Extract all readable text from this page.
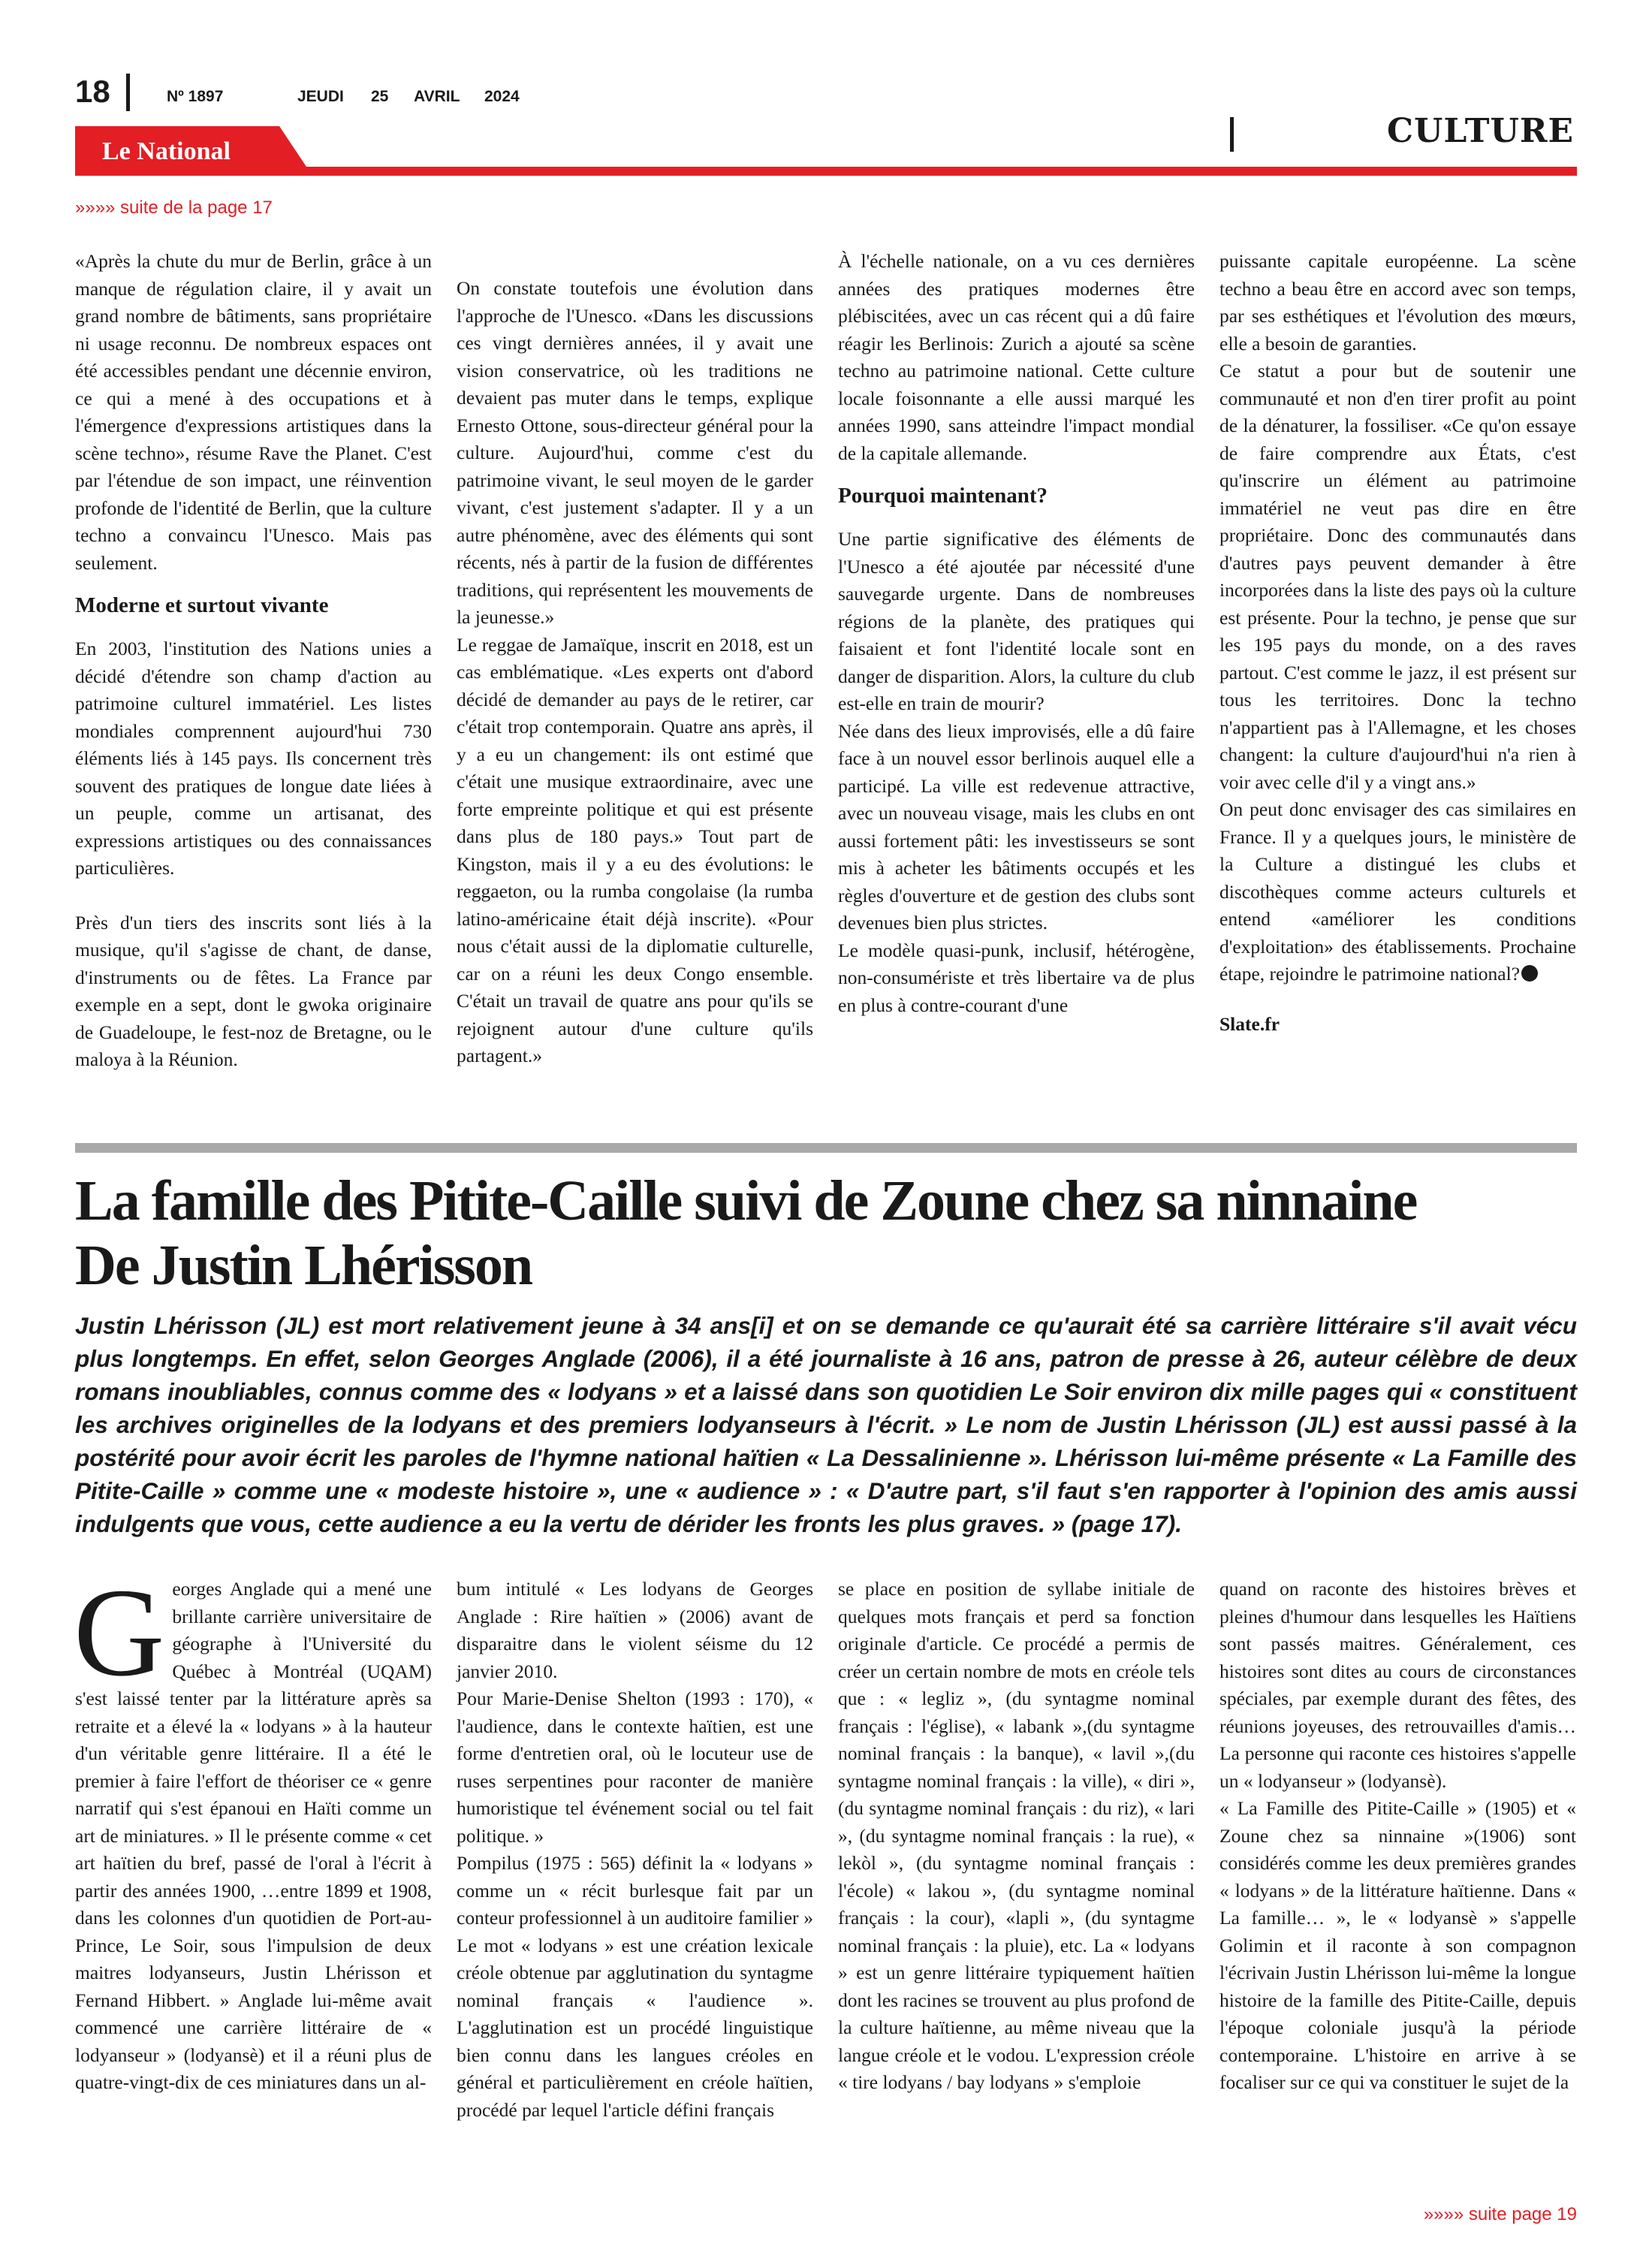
18	Nº 1897	JEUDI 25 AVRIL 2024
CULTURE
Le National
»»»» suite de la page 17

«Après la chute du mur de Berlin, grâce à un manque de régulation claire, il y avait un grand nombre de bâtiments, sans propriétaire ni usage reconnu. De nombreux espaces ont été accessibles pendant une décennie environ, ce qui a mené à des occupations et à l'émergence d'expressions artistiques dans la scène techno», résume Rave the Planet. C'est par l'étendue de son impact, une réinvention profonde de l'identité de Berlin, que la culture techno a convaincu l'Unesco. Mais pas seulement.

Moderne et surtout vivante

En 2003, l'institution des Nations unies a décidé d'étendre son champ d'action au patrimoine culturel immatériel. Les listes mondiales comprennent aujourd'hui 730 éléments liés à 145 pays. Ils concernent très souvent des pratiques de longue date liées à un peuple, comme un artisanat, des expressions artistiques ou des connaissances particulières.

Près d'un tiers des inscrits sont liés à la musique, qu'il s'agisse de chant, de danse, d'instruments ou de fêtes. La France par exemple en a sept, dont le gwoka originaire de Guadeloupe, le fest-noz de Bretagne, ou le maloya à la Réunion.

On constate toutefois une évolution dans l'approche de l'Unesco. «Dans les discussions ces vingt dernières années, il y avait une vision conservatrice, où les traditions ne devaient pas muter dans le temps, explique Ernesto Ottone, sous-directeur général pour la culture. Aujourd'hui, comme c'est du patrimoine vivant, le seul moyen de le garder vivant, c'est justement s'adapter. Il y a un autre phénomène, avec des éléments qui sont récents, nés à partir de la fusion de différentes traditions, qui représentent les mouvements de la jeunesse.»

Le reggae de Jamaïque, inscrit en 2018, est un cas emblématique. «Les experts ont d'abord décidé de demander au pays de le retirer, car c'était trop contemporain. Quatre ans après, il y a eu un changement: ils ont estimé que c'était une musique extraordinaire, avec une forte empreinte politique et qui est présente dans plus de 180 pays.» Tout part de Kingston, mais il y a eu des évolutions: le reggaeton, ou la rumba congolaise (la rumba latino-américaine était déjà inscrite). «Pour nous c'était aussi de la diplomatie culturelle, car on a réuni les deux Congo ensemble. C'était un travail de quatre ans pour qu'ils se rejoignent autour d'une culture qu'ils partagent.»

À l'échelle nationale, on a vu ces dernières années des pratiques modernes être plébiscitées, avec un cas récent qui a dû faire réagir les Berlinois: Zurich a ajouté sa scène techno au patrimoine national. Cette culture locale foisonnante a elle aussi marqué les années 1990, sans atteindre l'impact mondial de la capitale allemande.

Pourquoi maintenant?

Une partie significative des éléments de l'Unesco a été ajoutée par nécessité d'une sauvegarde urgente. Dans de nombreuses régions de la planète, des pratiques qui faisaient et font l'identité locale sont en danger de disparition. Alors, la culture du club est-elle en train de mourir?

Née dans des lieux improvisés, elle a dû faire face à un nouvel essor berlinois auquel elle a participé. La ville est redevenue attractive, avec un nouveau visage, mais les clubs en ont aussi fortement pâti: les investisseurs se sont mis à acheter les bâtiments occupés et les règles d'ouverture et de gestion des clubs sont devenues bien plus strictes.

Le modèle quasi-punk, inclusif, hétérogène, non-consumériste et très libertaire va de plus en plus à contre-courant d'une

puissante capitale européenne. La scène techno a beau être en accord avec son temps, par ses esthétiques et l'évolution des mœurs, elle a besoin de garanties.

Ce statut a pour but de soutenir une communauté et non d'en tirer profit au point de la dénaturer, la fossiliser. «Ce qu'on essaye de faire comprendre aux États, c'est qu'inscrire un élément au patrimoine immatériel ne veut pas dire en être propriétaire. Donc des communautés dans d'autres pays peuvent demander à être incorporées dans la liste des pays où la culture est présente. Pour la techno, je pense que sur les 195 pays du monde, on a des raves partout. C'est comme le jazz, il est présent sur tous les territoires. Donc la techno n'appartient pas à l'Allemagne, et les choses changent: la culture d'aujourd'hui n'a rien à voir avec celle d'il y a vingt ans.»

On peut donc envisager des cas similaires en France. Il y a quelques jours, le ministère de la Culture a distingué les clubs et discothèques comme acteurs culturels et entend «améliorer les conditions d'exploitation» des établissements. Prochaine étape, rejoindre le patrimoine national?

Slate.fr

La famille des Pitite-Caille suivi de Zoune chez sa ninnaine
De Justin Lhérisson
Justin Lhérisson (JL) est mort relativement jeune à 34 ans[i] et on se demande ce qu'aurait été sa carrière littéraire s'il avait vécu plus longtemps. En effet, selon Georges Anglade (2006), il a été journaliste à 16 ans, patron de presse à 26, auteur célèbre de deux romans inoubliables, connus comme des « lodyans » et a laissé dans son quotidien Le Soir environ dix mille pages qui « constituent les archives originelles de la lodyans et des premiers lodyanseurs à l'écrit. » Le nom de Justin Lhérisson (JL) est aussi passé à la postérité pour avoir écrit les paroles de l'hymne national haïtien « La Dessalinienne ». Lhérisson lui-même présente « La Famille des Pitite-Caille » comme une « modeste histoire », une « audience » : « D'autre part, s'il faut s'en rapporter à l'opinion des amis aussi indulgents que vous, cette audience a eu la vertu de dérider les fronts les plus graves. » (page 17).

Georges Anglade qui a mené une brillante carrière universitaire de géographe à l'Université du Québec à Montréal (UQAM) s'est laissé tenter par la littérature après sa retraite et a élevé la « lodyans » à la hauteur d'un véritable genre littéraire. Il a été le premier à faire l'effort de théoriser ce « genre narratif qui s'est épanoui en Haïti comme un art de miniatures. » Il le présente comme « cet art haïtien du bref, passé de l'oral à l'écrit à partir des années 1900, …entre 1899 et 1908, dans les colonnes d'un quotidien de Port-au-Prince, Le Soir, sous l'impulsion de deux maitres lodyanseurs, Justin Lhérisson et Fernand Hibbert. » Anglade lui-même avait commencé une carrière littéraire de « lodyanseur » (lodyansè) et il a réuni plus de quatre-vingt-dix de ces miniatures dans un al-

bum intitulé « Les lodyans de Georges Anglade : Rire haïtien » (2006) avant de disparaitre dans le violent séisme du 12 janvier 2010.

Pour Marie-Denise Shelton (1993 : 170), « l'audience, dans le contexte haïtien, est une forme d'entretien oral, où le locuteur use de ruses serpentines pour raconter de manière humoristique tel événement social ou tel fait politique. »

Pompilus (1975 : 565) définit la « lodyans » comme un « récit burlesque fait par un conteur professionnel à un auditoire familier » Le mot « lodyans » est une création lexicale créole obtenue par agglutination du syntagme nominal français « l'audience ». L'agglutination est un procédé linguistique bien connu dans les langues créoles en général et particulièrement en créole haïtien, procédé par lequel l'article défini français

se place en position de syllabe initiale de quelques mots français et perd sa fonction originale d'article. Ce procédé a permis de créer un certain nombre de mots en créole tels que : « legliz », (du syntagme nominal français : l'église), « labank »,(du syntagme nominal français : la banque), « lavil »,(du syntagme nominal français : la ville), « diri », (du syntagme nominal français : du riz), « lari », (du syntagme nominal français : la rue), « lekòl », (du syntagme nominal français : l'école) « lakou », (du syntagme nominal français : la cour), «lapli », (du syntagme nominal français : la pluie), etc. La « lodyans » est un genre littéraire typiquement haïtien dont les racines se trouvent au plus profond de la culture haïtienne, au même niveau que la langue créole et le vodou. L'expression créole « tire lodyans / bay lodyans » s'emploie

quand on raconte des histoires brèves et pleines d'humour dans lesquelles les Haïtiens sont passés maitres. Généralement, ces histoires sont dites au cours de circonstances spéciales, par exemple durant des fêtes, des réunions joyeuses, des retrouvailles d'amis…La personne qui raconte ces histoires s'appelle un « lodyanseur » (lodyansè).

« La Famille des Pitite-Caille » (1905) et « Zoune chez sa ninnaine »(1906) sont considérés comme les deux premières grandes « lodyans » de la littérature haïtienne. Dans « La famille… », le « lodyansè » s'appelle Golimin et il raconte à son compagnon l'écrivain Justin Lhérisson lui-même la longue histoire de la famille des Pitite-Caille, depuis l'époque coloniale jusqu'à la période contemporaine. L'histoire en arrive à se focaliser sur ce qui va constituer le sujet de la

»»»» suite page 19
